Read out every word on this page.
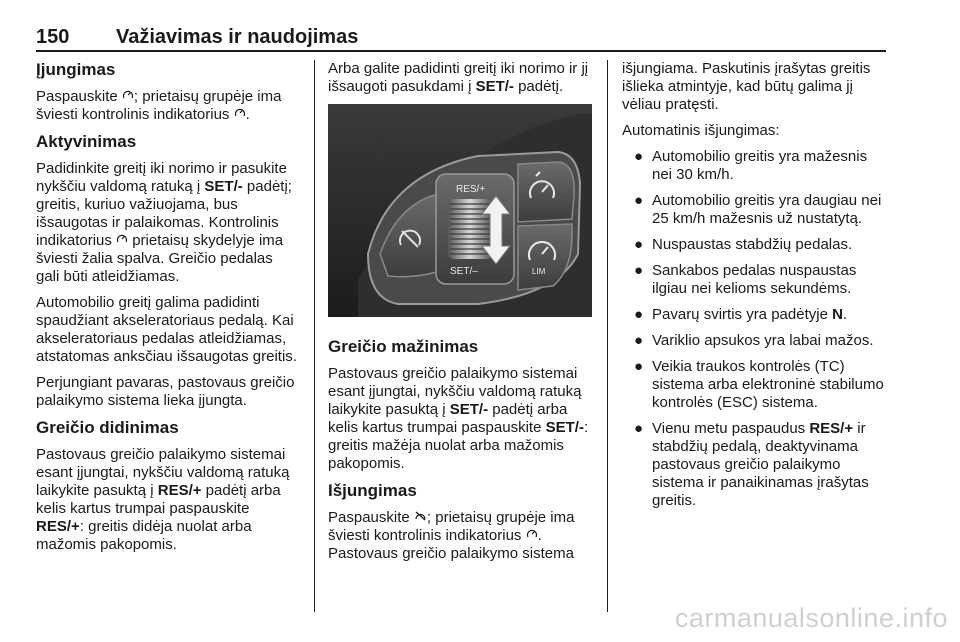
150 Važiavimas ir naudojimas
Įjungimas

Paspauskite ; prietaisų grupėje ima šviesti kontrolinis indikatorius .

Aktyvinimas

Padidinkite greitį iki norimo ir pasukite nykščiu valdomą ratuką į SET/- padėtį; greitis, kuriuo važiuojama, bus išsaugotas ir palaikomas. Kontrolinis indikatorius  prietaisų skydelyje ima šviesti žalia spalva. Greičio pedalas gali būti atleidžiamas.

Automobilio greitį galima padidinti spaudžiant akseleratoriaus pedalą. Kai akseleratoriaus pedalas atleidžiamas, atstatomas anksčiau išsaugotas greitis.

Perjungiant pavaras, pastovaus greičio palaikymo sistema lieka įjungta.

Greičio didinimas

Pastovaus greičio palaikymo sistemai esant įjungtai, nykščiu valdomą ratuką laikykite pasuktą į RES/+ padėtį arba kelis kartus trumpai paspauskite RES/+: greitis didėja nuolat arba mažomis pakopomis.

Arba galite padidinti greitį iki norimo ir jį išsaugoti pasukdami į SET/- padėtį.

RES/+
SET/–	LIM
Greičio mažinimas

Pastovaus greičio palaikymo sistemai esant įjungtai, nykščiu valdomą ratuką laikykite pasuktą į SET/- padėtį arba kelis kartus trumpai paspauskite SET/-: greitis mažėja nuolat arba mažomis pakopomis.

Išjungimas

Paspauskite ; prietaisų grupėje ima šviesti kontrolinis indikatorius . Pastovaus greičio palaikymo sistema

išjungiama. Paskutinis įrašytas greitis išlieka atmintyje, kad būtų galima jį vėliau pratęsti.

Automatinis išjungimas:

● Automobilio greitis yra mažesnis nei 30 km/h.
● Automobilio greitis yra daugiau nei 25 km/h mažesnis už nustatytą.
● Nuspaustas stabdžių pedalas.
● Sankabos pedalas nuspaustas ilgiau nei kelioms sekundėms.
● Pavarų svirtis yra padėtyje N.
● Variklio apsukos yra labai mažos.
● Veikia traukos kontrolės (TC) sistema arba elektroninė stabilumo kontrolės (ESC) sistema.
● Vienu metu paspaudus RES/+ ir stabdžių pedalą, deaktyvinama pastovaus greičio palaikymo sistema ir panaikinamas įrašytas greitis.
carmanualsonline.info
